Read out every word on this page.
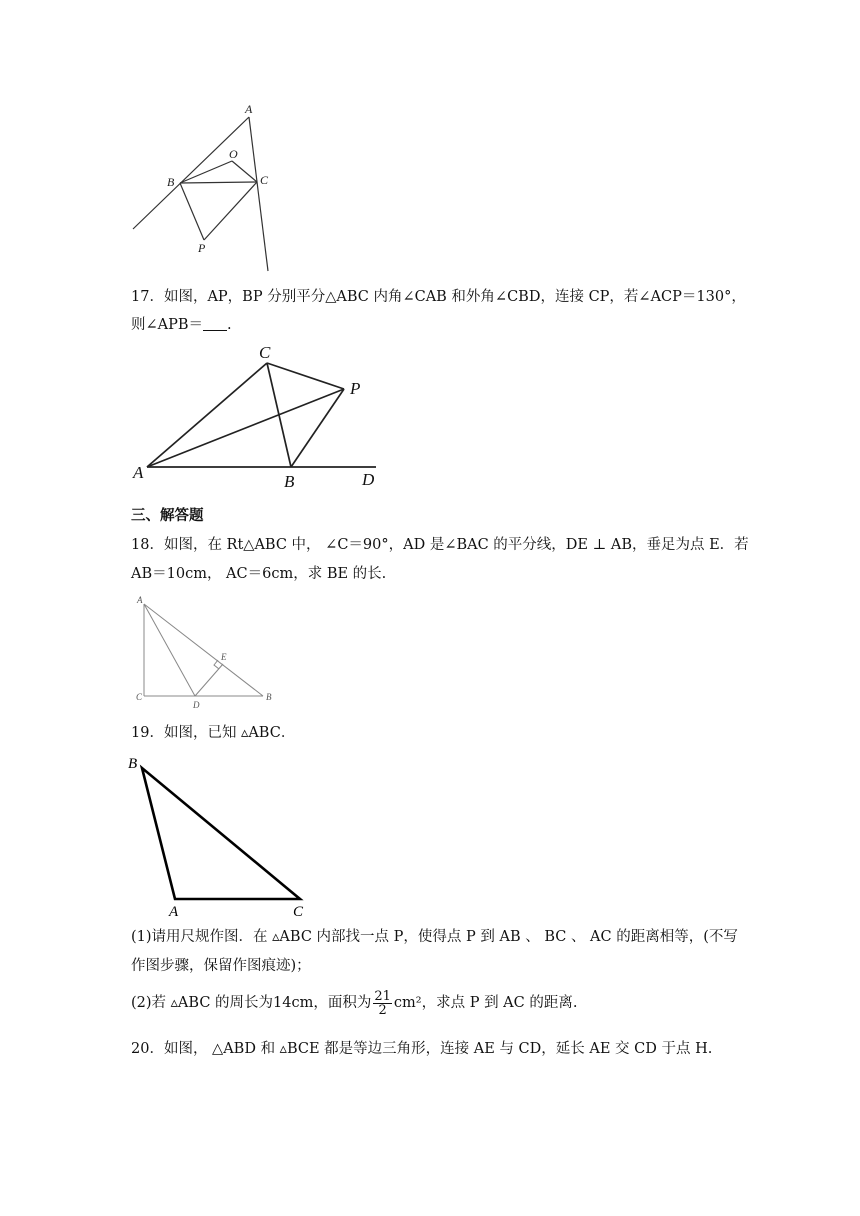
A
O
B	C
P
17．如图，AP，BP 分别平分△ABC 内角∠CAB 和外角∠CBD，连接 CP，若∠ACP＝130°，
则∠APB＝ .
C
P
A	B	D
三、解答题
18．如图，在 Rt△ABC 中， ∠C＝90°，AD 是∠BAC 的平分线，DE ⊥ AB，垂足为点 E．若
AB＝10cm， AC＝6cm，求 BE 的长.
A
E
C
D
B
19．如图，已知 ▵ABC．
B
A	C
(1)请用尺规作图．在 ▵ABC 内部找一点 P，使得点 P 到 AB 、 BC 、 AC 的距离相等，(不写
作图步骤，保留作图痕迹)；
(2)若 ▵ABC 的周长为14cm，面积为 $\frac{21}{2} cm^2$，求点 P 到 AC 的距离.
20．如图， △ABD 和 ▵BCE 都是等边三角形，连接 AE 与 CD，延长 AE 交 CD 于点 H.
